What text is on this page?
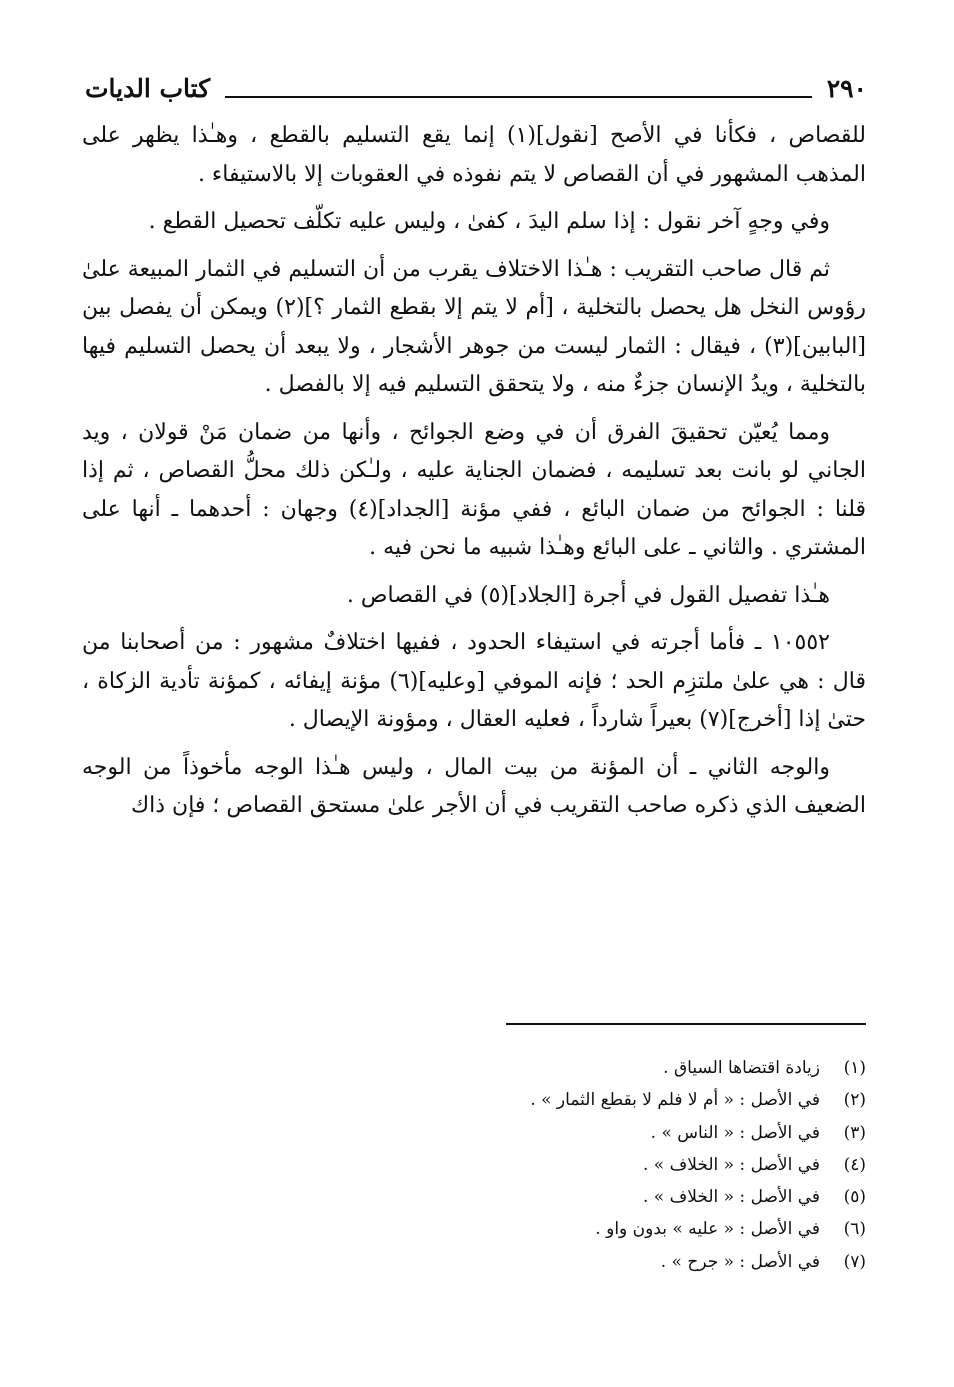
٢٩٠
كتاب الديات

للقصاص ، فكأنا في الأصح [نقول](١) إنما يقع التسليم بالقطع ، وهـٰذا يظهر على المذهب المشهور في أن القصاص لا يتم نفوذه في العقوبات إلا بالاستيفاء .

وفي وجهٍ آخر نقول : إذا سلم اليدَ ، كفىٰ ، وليس عليه تكلّف تحصيل القطع .

ثم قال صاحب التقريب : هـٰذا الاختلاف يقرب من أن التسليم في الثمار المبيعة علىٰ رؤوس النخل هل يحصل بالتخلية ، [أم لا يتم إلا بقطع الثمار ؟](٢) ويمكن أن يفصل بين [البابين](٣) ، فيقال : الثمار ليست من جوهر الأشجار ، ولا يبعد أن يحصل التسليم فيها بالتخلية ، ويدُ الإنسان جزءٌ منه ، ولا يتحقق التسليم فيه إلا بالفصل .

ومما يُعيّن تحقيقَ الفرق أن في وضع الجوائح ، وأنها من ضمان مَنْ قولان ، ويد الجاني لو بانت بعد تسليمه ، فضمان الجناية عليه ، ولـٰكن ذلك محلُّ القصاص ، ثم إذا قلنا : الجوائح من ضمان البائع ، ففي مؤنة [الجداد](٤) وجهان : أحدهما ـ أنها على المشتري . والثاني ـ على البائع وهـٰذا شبيه ما نحن فيه .

هـٰذا تفصيل القول في أجرة [الجلاد](٥) في القصاص .

١٠٥٥٢ ـ فأما أجرته في استيفاء الحدود ، ففيها اختلافٌ مشهور : من أصحابنا من قال : هي علىٰ ملتزِم الحد ؛ فإنه الموفي [وعليه](٦) مؤنة إيفائه ، كمؤنة تأدية الزكاة ، حتىٰ إذا [أخرج](٧) بعيراً شارداً ، فعليه العقال ، ومؤونة الإيصال .

والوجه الثاني ـ أن المؤنة من بيت المال ، وليس هـٰذا الوجه مأخوذاً من الوجه الضعيف الذي ذكره صاحب التقريب في أن الأجر علىٰ مستحق القصاص ؛ فإن ذاك

(١)
زيادة اقتضاها السياق .
(٢)
في الأصل : « أم لا فلم لا بقطع الثمار » .
(٣)
في الأصل : « الناس » .
(٤)
في الأصل : « الخلاف » .
(٥)
في الأصل : « الخلاف » .
(٦)
في الأصل : « عليه » بدون واو .
(٧)
في الأصل : « جرح » .
